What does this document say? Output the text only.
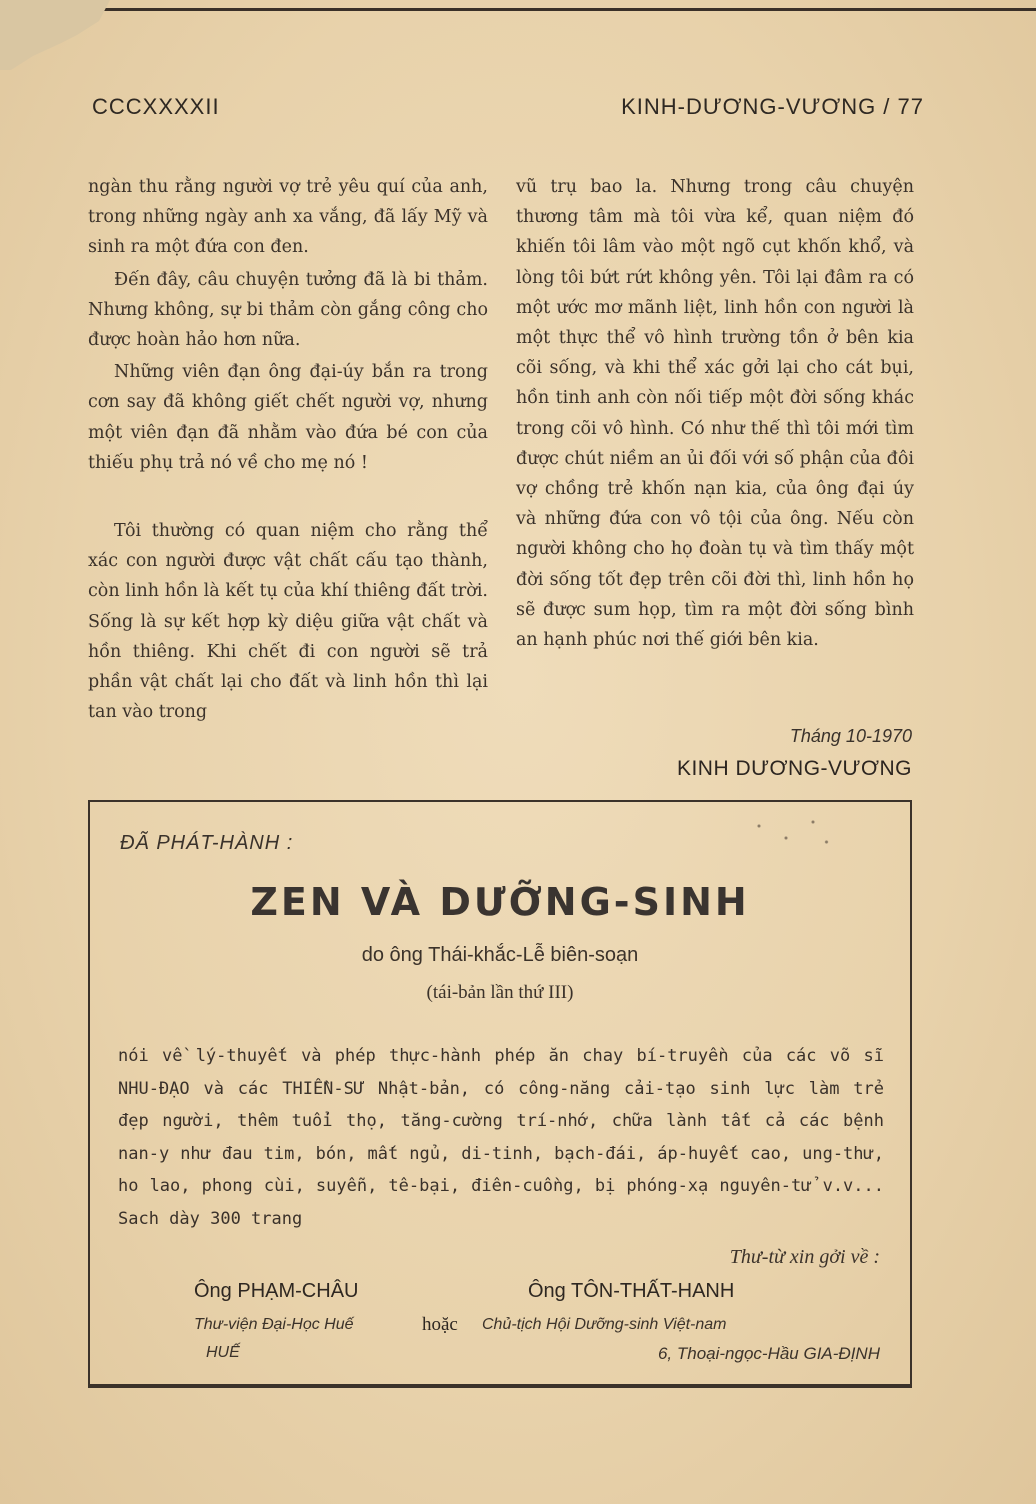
CCCXXXXII	KINH-DƯƠNG-VƯƠNG / 77

ngàn thu rằng người vợ trẻ yêu quí của anh, trong những ngày anh xa vắng, đã lấy Mỹ và sinh ra một đứa con đen.

Đến đây, câu chuyện tưởng đã là bi thảm. Nhưng không, sự bi thảm còn gắng công cho được hoàn hảo hơn nữa.

Những viên đạn ông đại-úy bắn ra trong cơn say đã không giết chết người vợ, nhưng một viên đạn đã nhằm vào đứa bé con của thiếu phụ trả nó về cho mẹ nó !

Tôi thường có quan niệm cho rằng thể xác con người được vật chất cấu tạo thành, còn linh hồn là kết tụ của khí thiêng đất trời. Sống là sự kết hợp kỳ diệu giữa vật chất và hồn thiêng. Khi chết đi con người sẽ trả phần vật chất lại cho đất và linh hồn thì lại tan vào trong

vũ trụ bao la. Nhưng trong câu chuyện thương tâm mà tôi vừa kể, quan niệm đó khiến tôi lâm vào một ngõ cụt khốn khổ, và lòng tôi bứt rứt không yên. Tôi lại đâm ra có một ước mơ mãnh liệt, linh hồn con người là một thực thể vô hình trường tồn ở bên kia cõi sống, và khi thể xác gởi lại cho cát bụi, hồn tinh anh còn nối tiếp một đời sống khác trong cõi vô hình. Có như thế thì tôi mới tìm được chút niềm an ủi đối với số phận của đôi vợ chồng trẻ khốn nạn kia, của ông đại úy và những đứa con vô tội của ông. Nếu còn người không cho họ đoàn tụ và tìm thấy một đời sống tốt đẹp trên cõi đời thì, linh hồn họ sẽ được sum họp, tìm ra một đời sống bình an hạnh phúc nơi thế giới bên kia.

Tháng 10-1970
KINH DƯƠNG-VƯƠNG
ĐÃ PHÁT-HÀNH :
ZEN VÀ DƯỠNG-SINH
do ông Thái-khắc-Lễ biên-soạn
(tái-bản lần thứ III)
nói về lý-thuyết và phép thực-hành phép ăn chay bí-truyền của các võ sĩ NHU-ĐẠO và các THIỀN-SƯ Nhật-bản, có công-năng cải-tạo sinh lực làm trẻ đẹp người, thêm tuổi thọ, tăng-cường trí-nhớ, chữa lành tất cả các bệnh nan-y như đau tim, bón, mất ngủ, di-tinh, bạch-đái, áp-huyết cao, ung-thư, ho lao, phong cùi, suyễn, tê-bại, điên-cuồng, bị phóng-xạ nguyên-tử v.v... Sach dày 300 trang
Thư-từ xin gởi về :
Ông PHẠM-CHÂU	Ông TÔN-THẤT-HANH
Thư-viện Đại-Học Huế	hoặc Chủ-tịch Hội Dưỡng-sinh Việt-nam
HUẾ	6, Thoại-ngọc-Hầu GIA-ĐỊNH
